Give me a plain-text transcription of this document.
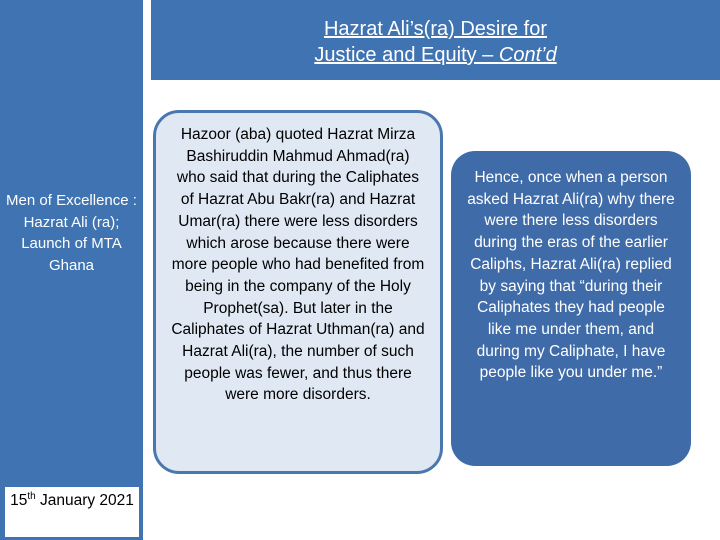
Men of Excellence : Hazrat Ali (ra); Launch of MTA Ghana
15th January 2021
Hazrat Ali’s(ra) Desire for
Justice and Equity – Cont’d
Hazoor (aba) quoted Hazrat Mirza Bashiruddin Mahmud Ahmad(ra) who said that during the Caliphates of Hazrat Abu Bakr(ra) and Hazrat Umar(ra) there were less disorders which arose because there were more people who had benefited from being in the company of the Holy Prophet(sa). But later in the Caliphates of Hazrat Uthman(ra) and Hazrat Ali(ra), the number of such people was fewer, and thus there were more disorders.
Hence, once when a person asked Hazrat Ali(ra) why there were there less disorders during the eras of the earlier Caliphs, Hazrat Ali(ra) replied by saying that “during their Caliphates they had people like me under them, and during my Caliphate, I have people like you under me.”
